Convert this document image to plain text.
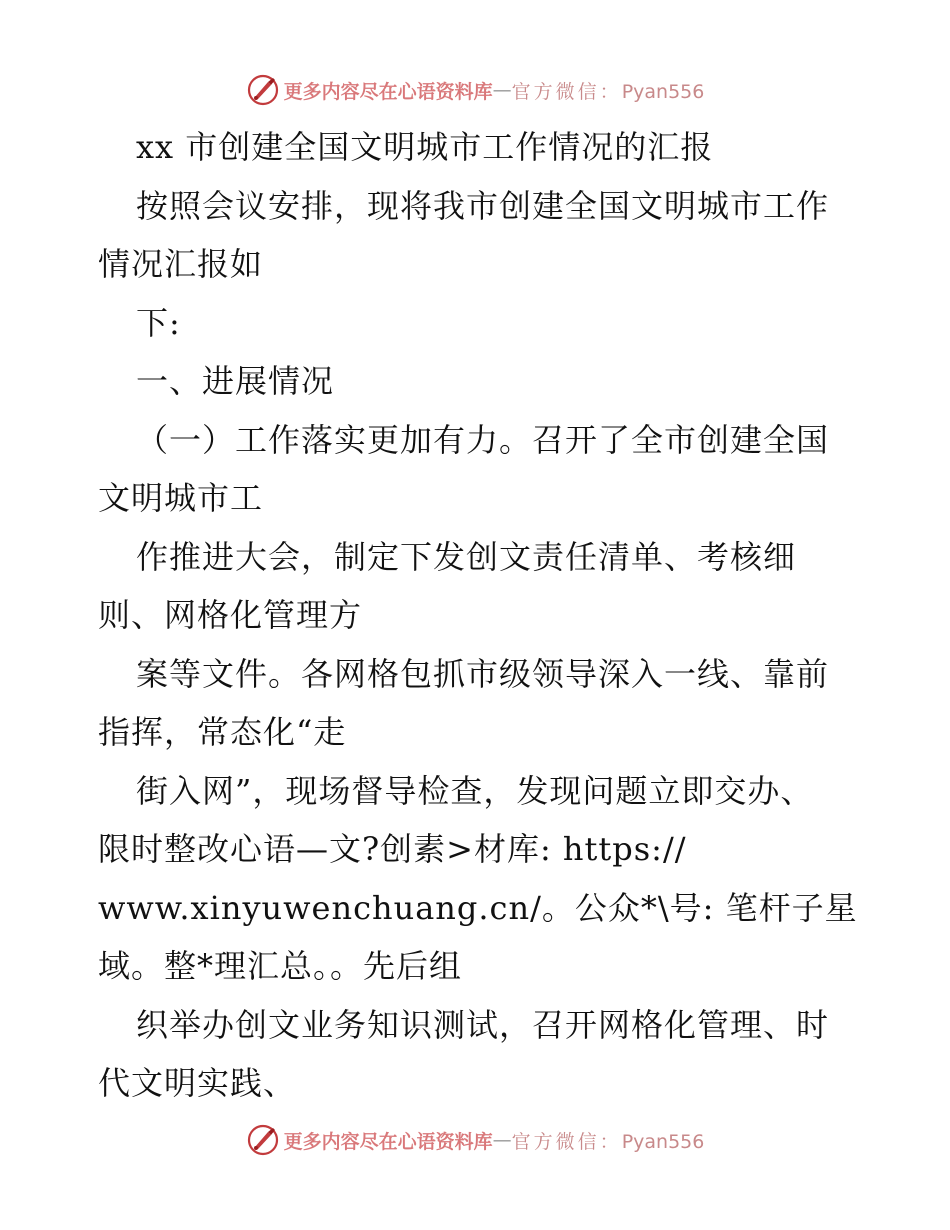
更多内容尽在心语资料库 — 官方微信：Pyan556
xx 市创建全国文明城市工作情况的汇报
按照会议安排，现将我市创建全国文明城市工作
情况汇报如
下:
一、进展情况
（一）工作落实更加有力。召开了全市创建全国
文明城市工
作推进大会，制定下发创文责任清单、考核细
则、网格化管理方
案等文件。各网格包抓市级领导深入一线、靠前
指挥，常态化“走
街入网”，现场督导检查，发现问题立即交办、
限时整改心语—文?创素>材库: https://
www.xinyuwenchuang.cn/。公众*\号: 笔杆子星
域。整*理汇总。。先后组
织举办创文业务知识测试，召开网格化管理、时
代文明实践、
更多内容尽在心语资料库 — 官方微信：Pyan556
